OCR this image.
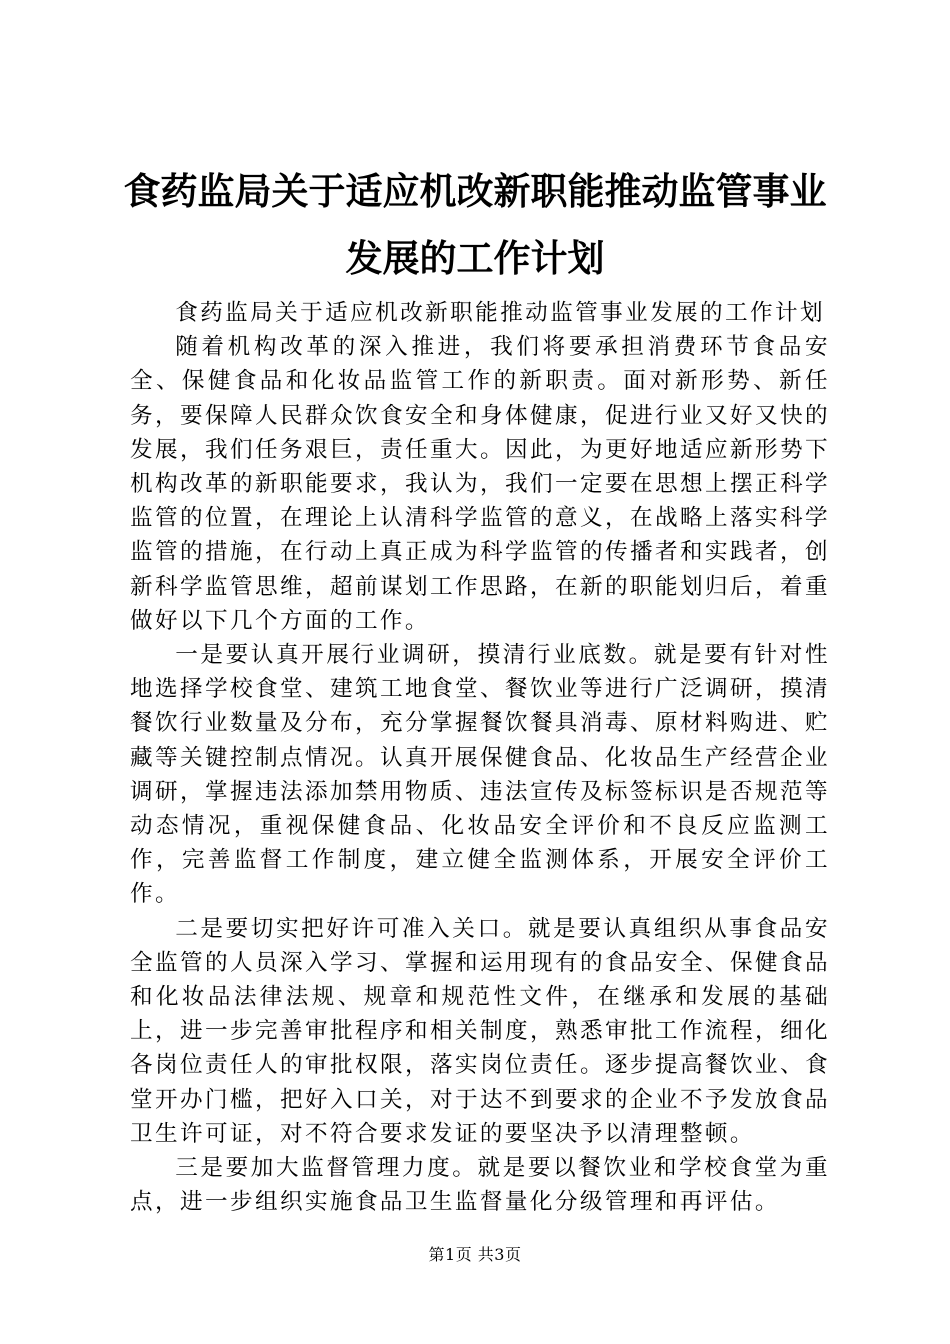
食药监局关于适应机改新职能推动监管事业发展的工作计划

食药监局关于适应机改新职能推动监管事业发展的工作计划

随着机构改革的深入推进，我们将要承担消费环节食品安全、保健食品和化妆品监管工作的新职责。面对新形势、新任务，要保障人民群众饮食安全和身体健康，促进行业又好又快的发展，我们任务艰巨，责任重大。因此，为更好地适应新形势下机构改革的新职能要求，我认为，我们一定要在思想上摆正科学监管的位置，在理论上认清科学监管的意义，在战略上落实科学监管的措施，在行动上真正成为科学监管的传播者和实践者，创新科学监管思维，超前谋划工作思路，在新的职能划归后，着重做好以下几个方面的工作。

一是要认真开展行业调研，摸清行业底数。就是要有针对性地选择学校食堂、建筑工地食堂、餐饮业等进行广泛调研，摸清餐饮行业数量及分布，充分掌握餐饮餐具消毒、原材料购进、贮藏等关键控制点情况。认真开展保健食品、化妆品生产经营企业调研，掌握违法添加禁用物质、违法宣传及标签标识是否规范等动态情况，重视保健食品、化妆品安全评价和不良反应监测工作，完善监督工作制度，建立健全监测体系，开展安全评价工作。

二是要切实把好许可准入关口。就是要认真组织从事食品安全监管的人员深入学习、掌握和运用现有的食品安全、保健食品和化妆品法律法规、规章和规范性文件，在继承和发展的基础上，进一步完善审批程序和相关制度，熟悉审批工作流程，细化各岗位责任人的审批权限，落实岗位责任。逐步提高餐饮业、食堂开办门槛，把好入口关，对于达不到要求的企业不予发放食品卫生许可证，对不符合要求发证的要坚决予以清理整顿。

三是要加大监督管理力度。就是要以餐饮业和学校食堂为重点，进一步组织实施食品卫生监督量化分级管理和再评估。

第1页 共3页
